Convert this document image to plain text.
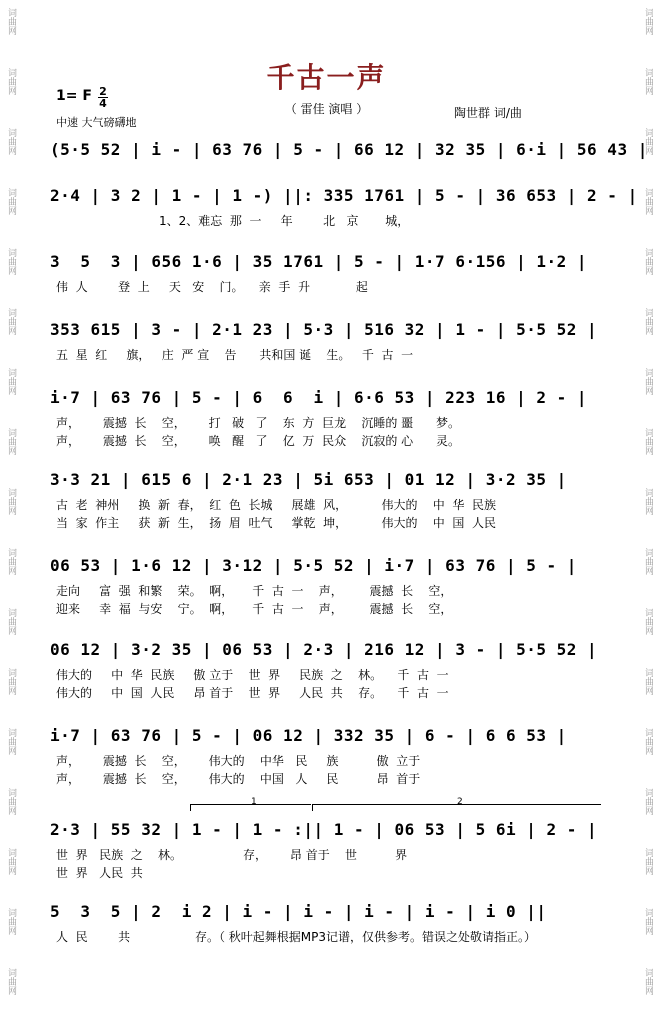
词曲网
词曲网
词曲网
词曲网
词曲网
词曲网
词曲网
词曲网
词曲网
词曲网
词曲网
词曲网
词曲网
词曲网
词曲网
词曲网
词曲网
词曲网
词曲网
词曲网
词曲网
词曲网
词曲网
词曲网
词曲网
词曲网
词曲网
词曲网
词曲网
词曲网
词曲网
词曲网
词曲网
词曲网
千古一声
（ 雷佳 演唱 ）
1= F 2
4
中速 大气磅礴地
陶世群 词/曲
(5·5 52 | i - | 63 76 | 5 - | 66 12 | 32 35 | 6·i | 56 43 |
2·4 | 3 2 | 1 - | 1 -) ||: 335 1761 | 5 - | 36 653 | 2 - |
1、2、难忘  那  一     年        北   京       城，
3  5  3 | 656 1·6 | 35 1761 | 5 - | 1·7 6·156 | 1·2 |
伟  人        登  上     天   安    门。    亲  手  升            起
353 615 | 3 - | 2·1 23 | 5·3 | 516 32 | 1 - | 5·5 52 |
五  星  红     旗，   庄  严 宣    告      共和国 诞    生。   千  古  一
i·7 | 63 76 | 5 - | 6  6  i | 6·6 53 | 223 16 | 2 - |
声，      震撼  长    空，      打   破   了    东  方  巨龙    沉睡的 噩      梦。
声，      震撼  长    空，      唤   醒   了    亿  万  民众    沉寂的 心      灵。
3·3 21 | 615 6 | 2·1 23 | 5i 653 | 01 12 | 3·2 35 |
古  老  神州     换  新  春，  红  色  长城     展雄  风，         伟大的    中  华  民族
当  家  作主     获  新  生，  扬  眉  吐气     掌乾  坤，         伟大的    中  国  人民
06 53 | 1·6 12 | 3·12 | 5·5 52 | i·7 | 63 76 | 5 - |
走向     富  强  和繁    荣。  啊，     千  古  一    声，       震撼  长    空，
迎来     幸  福  与安    宁。  啊，     千  古  一    声，       震撼  长    空，
06 12 | 3·2 35 | 06 53 | 2·3 | 216 12 | 3 - | 5·5 52 |
伟大的     中  华  民族     傲 立于    世  界     民族  之    林。    千  古  一
伟大的     中  国  人民     昂 首于    世  界     人民  共    存。    千  古  一
i·7 | 63 76 | 5 - | 06 12 | 332 35 | 6 - | 6 6 53 |
声，      震撼  长    空，      伟大的    中华   民     族          傲  立于
声，      震撼  长    空，      伟大的    中国   人     民          昂  首于
2·3 | 55 32 | 1 - | 1 - :|| 1 - | 06 53 | 5 6i | 2 - |
世  界   民族  之    林。                存，      昂 首于    世          界
世  界   人民  共
5  3  5 | 2  i 2 | i - | i - | i - | i - | i 0 ||
人  民        共                 存。（ 秋叶起舞根据MP3记谱，仅供参考。错误之处敬请指正。）
1	2
